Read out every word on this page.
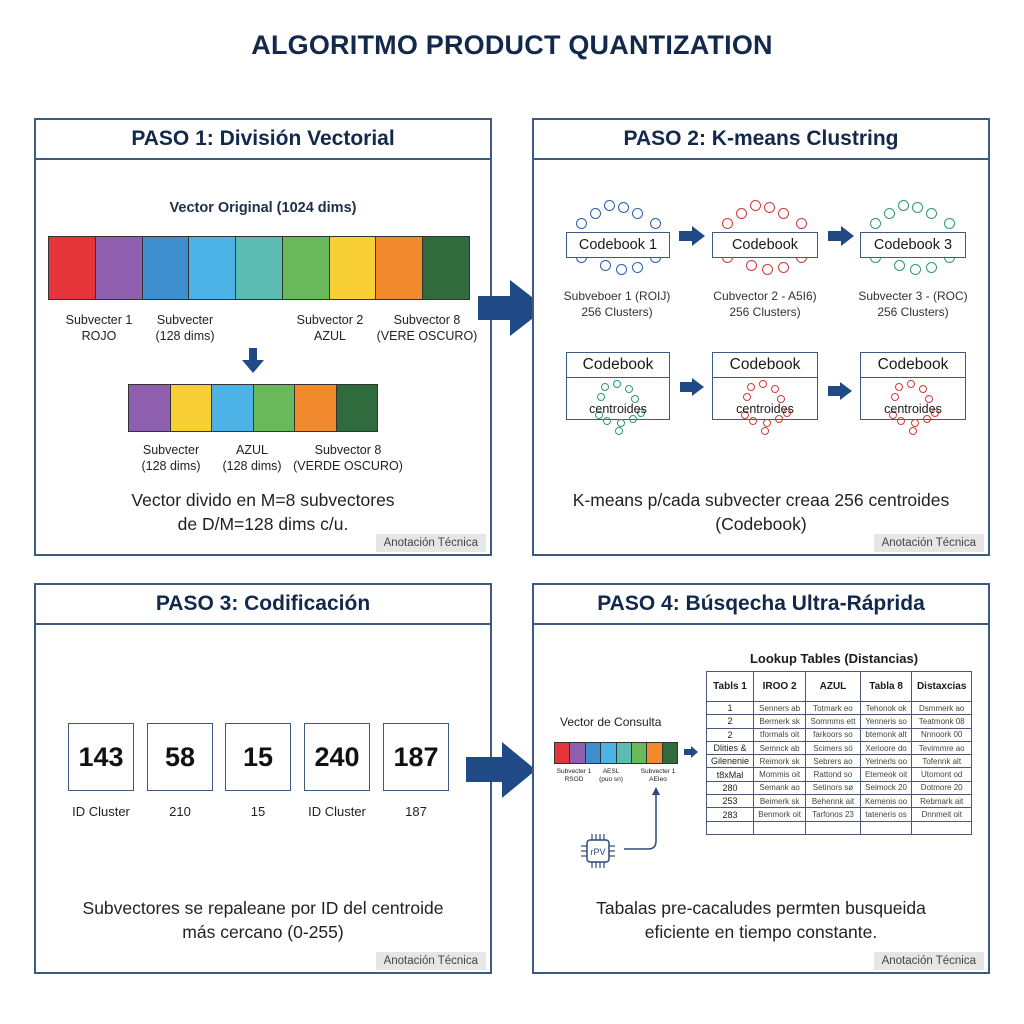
ALGORITMO PRODUCT QUANTIZATION
PASO 1: División Vectorial
Vector Original (1024 dims)
Subvecter 1
ROJO
Subvecter
(128 dims)
Subvector 2
AZUL
Subvector 8
(VERE OSCURO)
Subvecter
(128 dims)
AZUL
(128 dims)
Subvector 8
(VERDE OSCURO)
Vector divido en M=8 subvectores
de D/M=128 dims c/u.
Anotación Técnica
PASO 2: K-means Clustring
Codebook 1	Codebook	Codebook 3
Subveboer 1 (ROIJ)
256 Clusters)
Cubvector 2 - A5I6)
256 Clusters)
Subvecter 3 - (ROC)
256 Clusters)
Codebook
centroides
Codebook
centroides
Codebook
centroides
K-means p/cada subvecter creaa 256 centroides
(Codebook)
Anotación Técnica
PASO 3: Codificación
143	58	15	240	187
ID Cluster	210	15	ID Cluster	187
Subvectores se repaleane por ID del centroide
más cercano (0-255)
Anotación Técnica
PASO 4: Búsqecha Ultra-Ráprida
Vector de Consulta
Subvecter 1
RSOD
AESL
(puo sn)
Subvecter 1
AEIeo
rPV
Lookup Tables (Distancias)
Tabls 1	IROO 2	AZUL	Tabla 8	Distaxcias
1	Senners ab	Totmark eo	Tehonok ok	Dsmmerk ao
2	Bermerk sk	Sommms ett	Yenneris so	Teatmonk 08
2	tformals oit	farkoors so	btemonk alt	Nnnoork 00
Dlities &	Semnck ab	Scimers sö	Xerioore do	Tevimmre ao
Gilenenie	Reimork sk	Sebrers ao	Yerinerls oo	Tofennk alt
t8xMal	Mommis oit	Rattond so	Etemeok oit	Utomont od
280	Semank ao	Setinors sø	Seimock 20	Dotmore 20
253	Beimerk sk	Behennk ait	Kemenis oo	Rebmark ait
283	Benmork oit	Tarfonos 23	tateneris os	Dnnmeit oit

Tabalas pre-cacaludes permten busqueida
eficiente en tiempo constante.
Anotación Técnica
